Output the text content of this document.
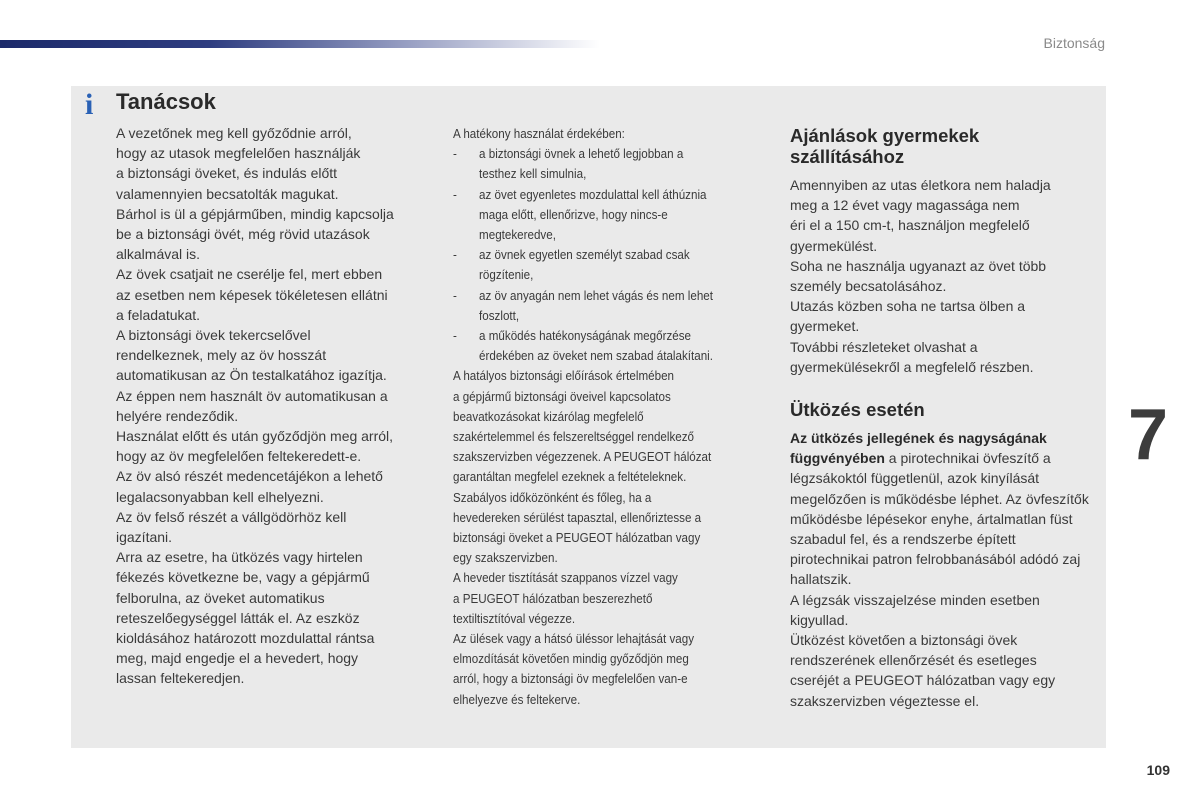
Biztonság
i Tanácsok

A vezetőnek meg kell győződnie arról,
hogy az utasok megfelelően használják
a biztonsági öveket, és indulás előtt
valamennyien becsatolták magukat.

Bárhol is ül a gépjárműben, mindig kapcsolja
be a biztonsági övét, még rövid utazások
alkalmával is.

Az övek csatjait ne cserélje fel, mert ebben
az esetben nem képesek tökéletesen ellátni
a feladatukat.

A biztonsági övek tekercselővel
rendelkeznek, mely az öv hosszát
automatikusan az Ön testalkatához igazítja.
Az éppen nem használt öv automatikusan a
helyére rendeződik.

Használat előtt és után győződjön meg arról,
hogy az öv megfelelően feltekeredett-e.

Az öv alsó részét medencetájékon a lehető
legalacsonyabban kell elhelyezni.

Az öv felső részét a vállgödörhöz kell
igazítani.

Arra az esetre, ha ütközés vagy hirtelen
fékezés következne be, vagy a gépjármű
felborulna, az öveket automatikus
reteszelőegységgel látták el. Az eszköz
kioldásához határozott mozdulattal rántsa
meg, majd engedje el a hevedert, hogy
lassan feltekeredjen.

A hatékony használat érdekében:

- a biztonsági övnek a lehető legjobban a
testhez kell simulnia,
- az övet egyenletes mozdulattal kell áthúznia
maga előtt, ellenőrizve, hogy nincs-e
megtekeredve,
- az övnek egyetlen személyt szabad csak
rögzítenie,
- az öv anyagán nem lehet vágás és nem lehet
foszlott,
- a működés hatékonyságának megőrzése
érdekében az öveket nem szabad átalakítani.

A hatályos biztonsági előírások értelmében
a gépjármű biztonsági öveivel kapcsolatos
beavatkozásokat kizárólag megfelelő
szakértelemmel és felszereltséggel rendelkező
szakszervizben végezzenek. A PEUGEOT hálózat
garantáltan megfelel ezeknek a feltételeknek.

Szabályos időközönként és főleg, ha a
hevedereken sérülést tapasztal, ellenőriztesse a
biztonsági öveket a PEUGEOT hálózatban vagy
egy szakszervizben.

A heveder tisztítását szappanos vízzel vagy
a PEUGEOT hálózatban beszerezhető
textiltisztítóval végezze.

Az ülések vagy a hátsó üléssor lehajtását vagy
elmozdítását követően mindig győződjön meg
arról, hogy a biztonsági öv megfelelően van-e
elhelyezve és feltekerve.

Ajánlások gyermekek
szállításához

Amennyiben az utas életkora nem haladja
meg a 12 évet vagy magassága nem
éri el a 150 cm-t, használjon megfelelő
gyermekülést.

Soha ne használja ugyanazt az övet több
személy becsatolásához.

Utazás közben soha ne tartsa ölben a
gyermeket.

További részleteket olvashat a
gyermekülésekről a megfelelő részben.

Ütközés esetén

Az ütközés jellegének és nagyságának függvényében a pirotechnikai övfeszítő a légzsákoktól függetlenül, azok kinyílását megelőzően is működésbe léphet. Az övfeszítők működésbe lépésekor enyhe, ártalmatlan füst szabadul fel, és a rendszerbe épített pirotechnikai patron felrobbanásából adódó zaj hallatszik.

A légzsák visszajelzése minden esetben
kigyullad.

Ütközést követően a biztonsági övek
rendszerének ellenőrzését és esetleges
cseréjét a PEUGEOT hálózatban vagy egy
szakszervizben végeztesse el.

7
109
